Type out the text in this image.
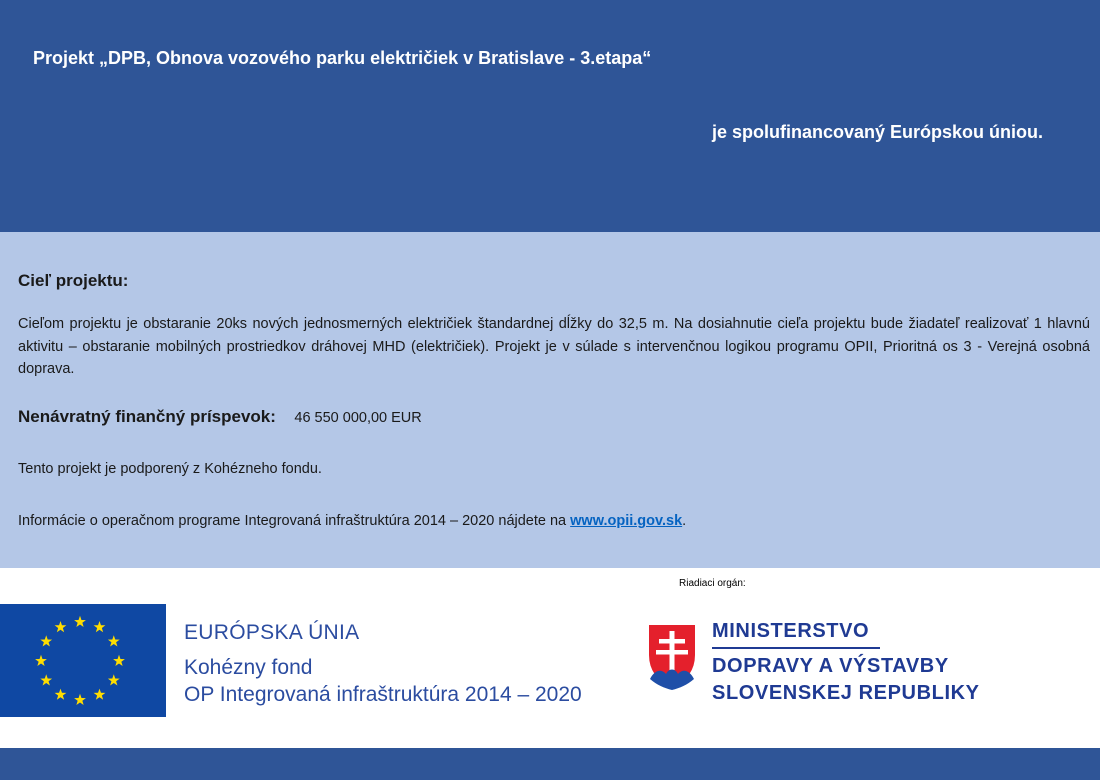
Projekt „DPB, Obnova vozového parku električiek v Bratislave - 3.etapa“
je spolufinancovaný Európskou úniou.
Cieľ projektu:
Cieľom projektu je obstaranie 20ks nových jednosmerných električiek štandardnej dĺžky do 32,5 m. Na dosiahnutie cieľa projektu bude žiadateľ realizovať 1 hlavnú aktivitu – obstaranie mobilných prostriedkov dráhovej MHD (električiek). Projekt je v súlade s intervenčnou logikou programu OPII, Prioritná os 3 - Verejná osobná doprava.
Nenávratný finančný príspevok: 46 550 000,00 EUR
Tento projekt je podporený z Kohézneho fondu.
Informácie o operačnom programe Integrovaná infraštruktúra 2014 – 2020 nájdete na www.opii.gov.sk.
Riadiaci orgán:
EURÓPSKA ÚNIA
Kohézny fond
OP Integrovaná infraštruktúra 2014 – 2020
MINISTERSTVO
DOPRAVY A VÝSTAVBY
SLOVENSKEJ REPUBLIKY
